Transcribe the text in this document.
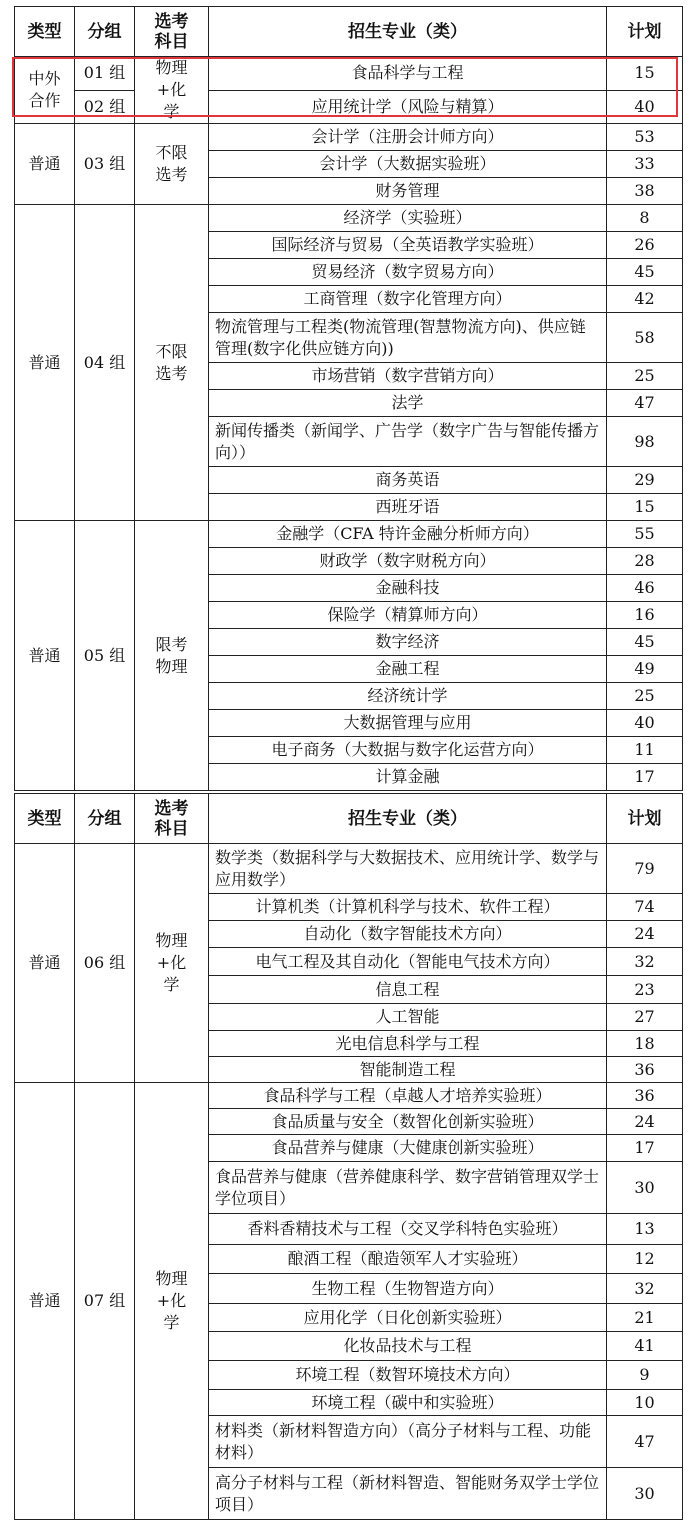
类型	分组	选考科目	招生专业（类）	计划
中外合作	01 组	物理+化学	食品科学与工程	15
	02 组		应用统计学（风险与精算）	40
普通	03 组	不限选考	会计学（注册会计师方向）	53
			会计学（大数据实验班）	33
			财务管理	38
普通	04 组	不限选考	经济学（实验班）	8
			国际经济与贸易（全英语教学实验班）	26
			贸易经济（数字贸易方向）	45
			工商管理（数字化管理方向）	42
			物流管理与工程类(物流管理(智慧物流方向)、供应链管理(数字化供应链方向))	58
			市场营销（数字营销方向）	25
			法学	47
			新闻传播类（新闻学、广告学（数字广告与智能传播方向））	98
			商务英语	29
			西班牙语	15
普通	05 组	限考物理	金融学（CFA 特许金融分析师方向）	55
			财政学（数字财税方向）	28
			金融科技	46
			保险学（精算师方向）	16
			数字经济	45
			金融工程	49
			经济统计学	25
			大数据管理与应用	40
			电子商务（大数据与数字化运营方向）	11
			计算金融	17
类型	分组	选考科目	招生专业（类）	计划
普通	06 组	物理+化学	数学类（数据科学与大数据技术、应用统计学、数学与应用数学）	79
			计算机类（计算机科学与技术、软件工程）	74
			自动化（数字智能技术方向）	24
			电气工程及其自动化（智能电气技术方向）	32
			信息工程	23
			人工智能	27
			光电信息科学与工程	18
			智能制造工程	36
普通	07 组	物理+化学	食品科学与工程（卓越人才培养实验班）	36
			食品质量与安全（数智化创新实验班）	24
			食品营养与健康（大健康创新实验班）	17
			食品营养与健康（营养健康科学、数字营销管理双学士学位项目）	30
			香料香精技术与工程（交叉学科特色实验班）	13
			酿酒工程（酿造领军人才实验班）	12
			生物工程（生物智造方向）	32
			应用化学（日化创新实验班）	21
			化妆品技术与工程	41
			环境工程（数智环境技术方向）	9
			环境工程（碳中和实验班）	10
			材料类（新材料智造方向）（高分子材料与工程、功能材料）	47
			高分子材料与工程（新材料智造、智能财务双学士学位项目）	30
